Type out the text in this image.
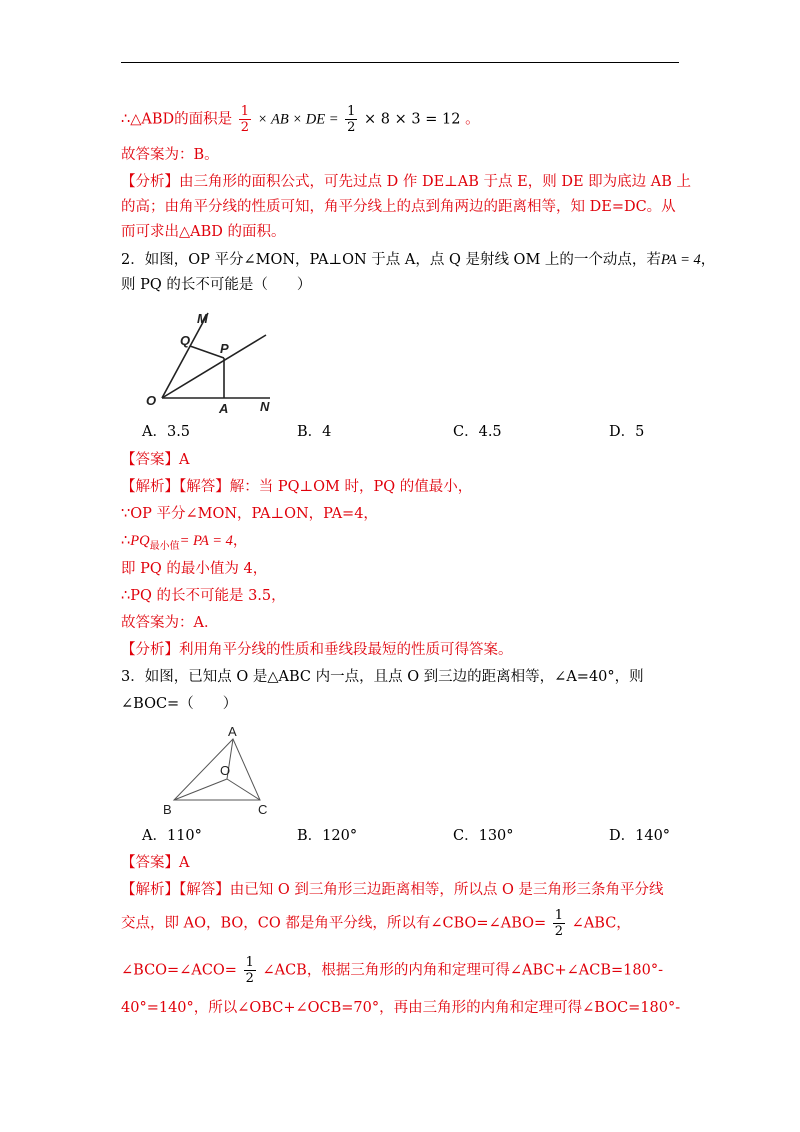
∴△ABD的面积是 $\frac{1}{2}$ × AB × DE = $\frac{1}{2} \times 8 \times 3 = 12$ 。
故答案为：B。
【分析】由三角形的面积公式，可先过点 D 作 DE⊥AB 于点 E，则 DE 即为底边 AB 上
的高；由角平分线的性质可知，角平分线上的点到角两边的距离相等，知 DE=DC。从
而可求出△ABD 的面积。
2．如图，OP 平分∠MON，PA⊥ON 于点 A，点 Q 是射线 OM 上的一个动点，若PA = 4，
则 PQ 的长不可能是（　　）
M
Q
P
O
A N
A．3.5	B．4	C．4.5	D．5
【答案】A
【解析】【解答】解：当 PQ⊥OM 时，PQ 的值最小，
∵OP 平分∠MON，PA⊥ON，PA=4，
$\therefore PQ_{最小值}=$ PA = 4，
即 PQ 的最小值为 4，
∴PQ 的长不可能是 3.5，
故答案为：A．
【分析】利用角平分线的性质和垂线段最短的性质可得答案。
3．如图，已知点 O 是△ABC 内一点，且点 O 到三边的距离相等，∠A=40°，则
∠BOC=（　　）
A
O
B	C
A．110°	B．120°	C．130°	D．140°
【答案】A
【解析】【解答】由已知 O 到三角形三边距离相等，所以点 O 是三角形三条角平分线
交点，即 AO，BO，CO 都是角平分线，所以有∠CBO=∠ABO= $\frac{1}{2}$ ∠ABC，
∠BCO=∠ACO= $\frac{1}{2}$ ∠ACB，根据三角形的内角和定理可得∠ABC+∠ACB=180°-
40°=140°，所以∠OBC+∠OCB=70°，再由三角形的内角和定理可得∠BOC=180°-
